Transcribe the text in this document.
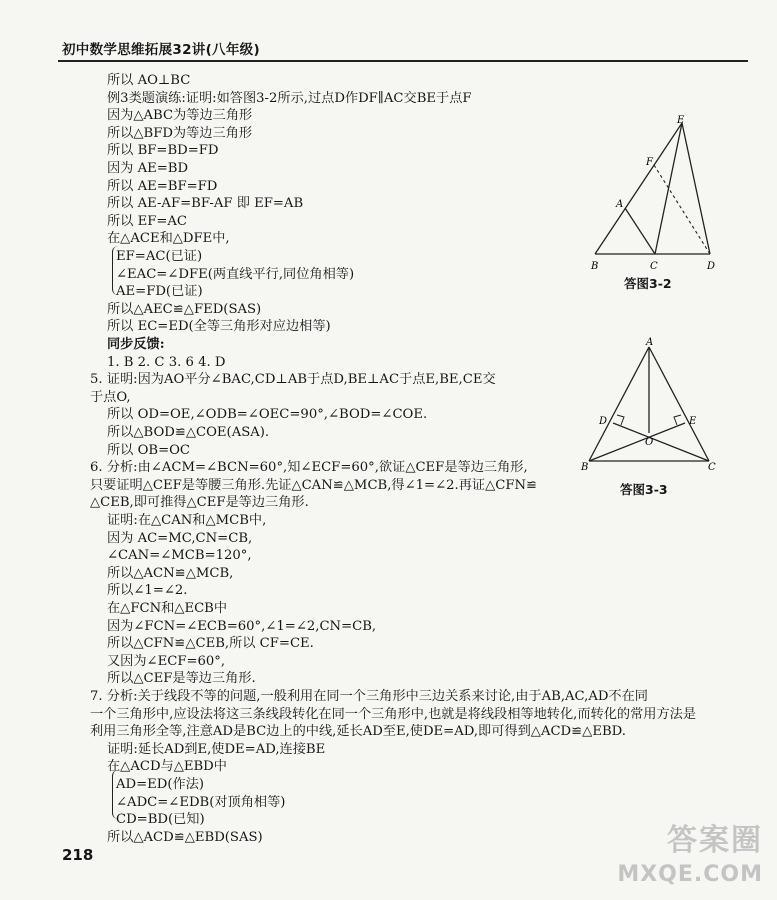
初中数学思维拓展32讲(八年级)
所以 AO⊥BC
例3类题演练:证明:如答图3-2所示,过点D作DF∥AC交BE于点F
因为△ABC为等边三角形
所以△BFD为等边三角形
所以 BF=BD=FD
因为 AE=BD
所以 AE=BF=FD
所以 AE-AF=BF-AF 即 EF=AB
所以 EF=AC
在△ACE和△DFE中,
EF=AC(已证)
∠EAC=∠DFE(两直线平行,同位角相等)
AE=FD(已证)
所以△AEC≌△FED(SAS)
所以 EC=ED(全等三角形对应边相等)
同步反馈:
1. B 2. C 3. 6 4. D
5. 证明:因为AO平分∠BAC,CD⊥AB于点D,BE⊥AC于点E,BE,CE交
于点O,
所以 OD=OE,∠ODB=∠OEC=90°,∠BOD=∠COE.
所以△BOD≌△COE(ASA).
所以 OB=OC
6. 分析:由∠ACM=∠BCN=60°,知∠ECF=60°,欲证△CEF是等边三角形,
只要证明△CEF是等腰三角形.先证△CAN≌△MCB,得∠1=∠2.再证△CFN≌
△CEB,即可推得△CEF是等边三角形.
证明:在△CAN和△MCB中,
因为 AC=MC,CN=CB,
∠CAN=∠MCB=120°,
所以△ACN≌△MCB,
所以∠1=∠2.
在△FCN和△ECB中
因为∠FCN=∠ECB=60°,∠1=∠2,CN=CB,
所以△CFN≌△CEB,所以 CF=CE.
又因为∠ECF=60°,
所以△CEF是等边三角形.
7. 分析:关于线段不等的问题,一般利用在同一个三角形中三边关系来讨论,由于AB,AC,AD不在同
一个三角形中,应设法将这三条线段转化在同一个三角形中,也就是将线段相等地转化,而转化的常用方法是
利用三角形全等,注意AD是BC边上的中线,延长AD至E,使DE=AD,即可得到△ACD≌△EBD.
证明:延长AD到E,使DE=AD,连接BE
在△ACD与△EBD中
AD=ED(作法)
∠ADC=∠EDB(对顶角相等)
CD=BD(已知)
所以△ACD≌△EBD(SAS)
E
F
A
B	C	D
答图3-2
A
D	E
O
B	C
答图3-3
218	答案圈
MXQE.COM
